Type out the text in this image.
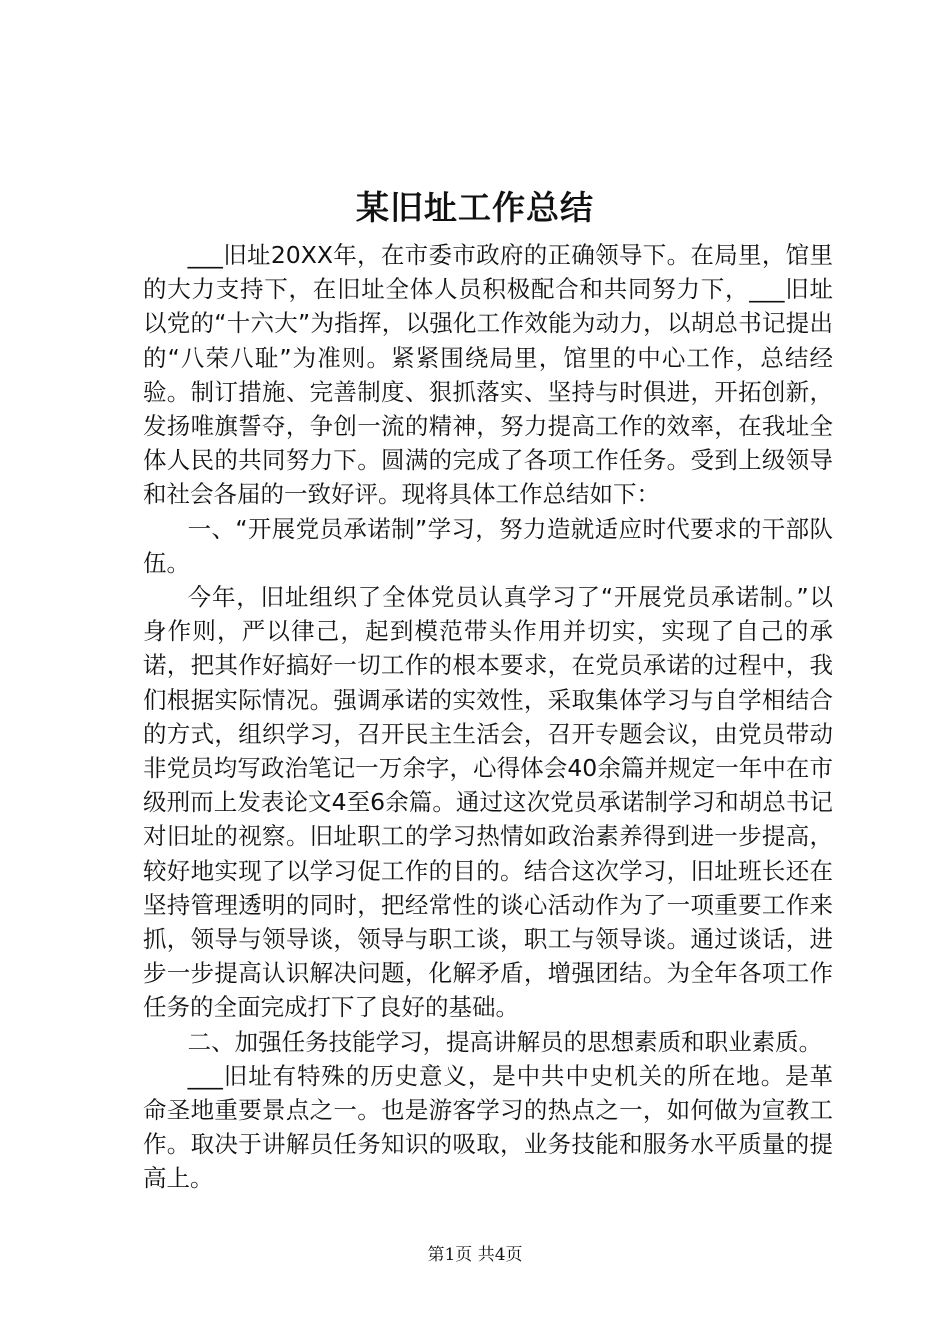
某旧址工作总结

___旧址20XX年，在市委市政府的正确领导下。在局里，馆里的大力支持下，在旧址全体人员积极配合和共同努力下，___旧址以党的“十六大”为指挥，以强化工作效能为动力，以胡总书记提出的“八荣八耻”为准则。紧紧围绕局里，馆里的中心工作，总结经验。制订措施、完善制度、狠抓落实、坚持与时俱进，开拓创新，发扬唯旗誓夺，争创一流的精神，努力提高工作的效率，在我址全体人民的共同努力下。圆满的完成了各项工作任务。受到上级领导和社会各届的一致好评。现将具体工作总结如下：

一、“开展党员承诺制”学习，努力造就适应时代要求的干部队伍。

今年，旧址组织了全体党员认真学习了“开展党员承诺制。”以身作则，严以律己，起到模范带头作用并切实，实现了自己的承诺，把其作好搞好一切工作的根本要求，在党员承诺的过程中，我们根据实际情况。强调承诺的实效性，采取集体学习与自学相结合的方式，组织学习，召开民主生活会，召开专题会议，由党员带动非党员均写政治笔记一万余字，心得体会40余篇并规定一年中在市级刑而上发表论文4至6余篇。通过这次党员承诺制学习和胡总书记对旧址的视察。旧址职工的学习热情如政治素养得到进一步提高，较好地实现了以学习促工作的目的。结合这次学习，旧址班长还在坚持管理透明的同时，把经常性的谈心活动作为了一项重要工作来抓，领导与领导谈，领导与职工谈，职工与领导谈。通过谈话，进步一步提高认识解决问题，化解矛盾，增强团结。为全年各项工作任务的全面完成打下了良好的基础。

二、加强任务技能学习，提高讲解员的思想素质和职业素质。

___旧址有特殊的历史意义，是中共中史机关的所在地。是革命圣地重要景点之一。也是游客学习的热点之一，如何做为宣教工作。取决于讲解员任务知识的吸取，业务技能和服务水平质量的提高上。

第1页 共4页
